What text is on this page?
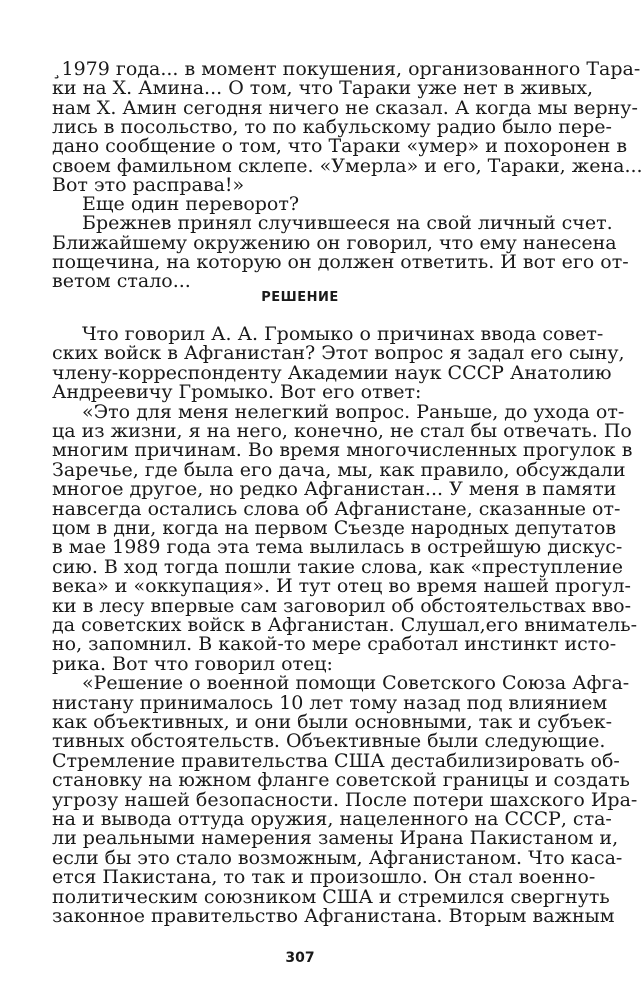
¸1979 года... в момент покушения, организованного Тара-
ки на Х. Амина... О том, что Тараки уже нет в живых,
нам Х. Амин сегодня ничего не сказал. А когда мы верну-
лись в посольство, то по кабульскому радио было пере-
дано сообщение о том, что Тараки «умер» и похоронен в
своем фамильном склепе. «Умерла» и его, Тараки, жена...
Вот это расправа!»
Еще один переворот?
Брежнев принял случившееся на свой личный счет.
Ближайшему окружению он говорил, что ему нанесена
пощечина, на которую он должен ответить. И вот его от-
ветом стало...
РЕШЕНИЕ
Что говорил А. А. Громыко о причинах ввода совет-
ских войск в Афганистан? Этот вопрос я задал его сыну,
члену-корреспонденту Академии наук СССР Анатолию
Андреевичу Громыко. Вот его ответ:
«Это для меня нелегкий вопрос. Раньше, до ухода от-
ца из жизни, я на него, конечно, не стал бы отвечать. По
многим причинам. Во время многочисленных прогулок в
Заречье, где была его дача, мы, как правило, обсуждали
многое другое, но редко Афганистан... У меня в памяти
навсегда остались слова об Афганистане, сказанные от-
цом в дни, когда на первом Съезде народных депутатов
в мае 1989 года эта тема вылилась в острейшую дискус-
сию. В ход тогда пошли такие слова, как «преступление
века» и «оккупация». И тут отец во время нашей прогул-
ки в лесу впервые сам заговорил об обстоятельствах вво-
да советских войск в Афганистан. Слушал,его вниматель-
но, запомнил. В какой-то мере сработал инстинкт исто-
рика. Вот что говорил отец:
«Решение о военной помощи Советского Союза Афга-
нистану принималось 10 лет тому назад под влиянием
как объективных, и они были основными, так и субъек-
тивных обстоятельств. Объективные были следующие.
Стремление правительства США дестабилизировать об-
становку на южном фланге советской границы и создать
угрозу нашей безопасности. После потери шахского Ира-
на и вывода оттуда оружия, нацеленного на СССР, ста-
ли реальными намерения замены Ирана Пакистаном и,
если бы это стало возможным, Афганистаном. Что каса-
ется Пакистана, то так и произошло. Он стал военно-
политическим союзником США и стремился свергнуть
законное правительство Афганистана. Вторым важным
307
